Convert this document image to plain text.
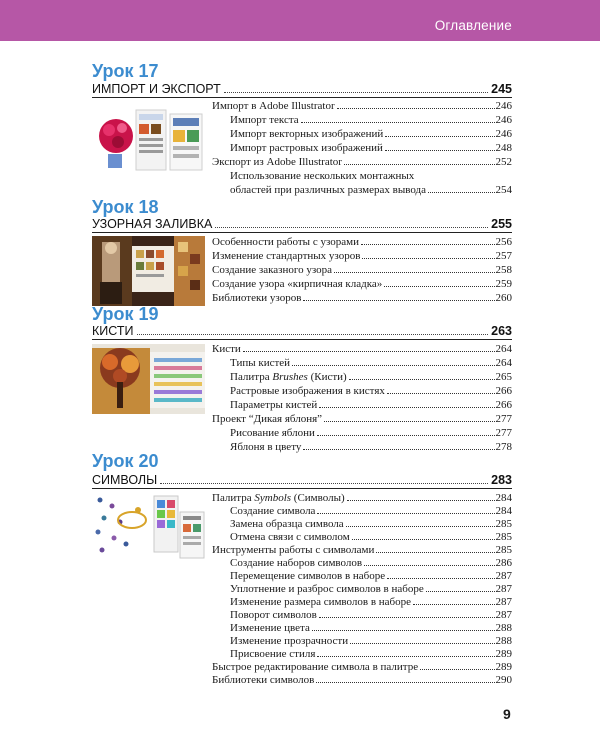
Оглавление
Урок 17
ИМПОРТ И ЭКСПОРТ	245
Импорт в Adobe Illustrator	246
Импорт текста	246
Импорт векторных изображений	246
Импорт растровых изображений	248
Экспорт из Adobe Illustrator	252
Использование нескольких монтажных
областей при различных размерах вывода	254
Урок 18
УЗОРНАЯ ЗАЛИВКА	255
Особенности работы с узорами	256
Изменение стандартных узоров	257
Создание заказного узора	258
Создание узора «кирпичная кладка»	259
Библиотеки узоров	260
Урок 19
КИСТИ	263
Кисти	264
Типы кистей	264
Палитра Brushes (Кисти)	265
Растровые изображения в кистях	266
Параметры кистей	266
Проект “Дикая яблоня”	277
Рисование яблони	277
Яблоня в цвету	278
Урок 20
СИМВОЛЫ	283
Палитра Symbols (Символы)	284
Создание символа	284
Замена образца символа	285
Отмена связи с символом	285
Инструменты работы с символами	285
Создание наборов символов	286
Перемещение символов в наборе	287
Уплотнение и разброс символов в наборе	287
Изменение размера символов в наборе	287
Поворот символов	287
Изменение цвета	288
Изменение прозрачности	288
Присвоение стиля	289
Быстрое редактирование символа в палитре	289
Библиотеки символов	290
9
